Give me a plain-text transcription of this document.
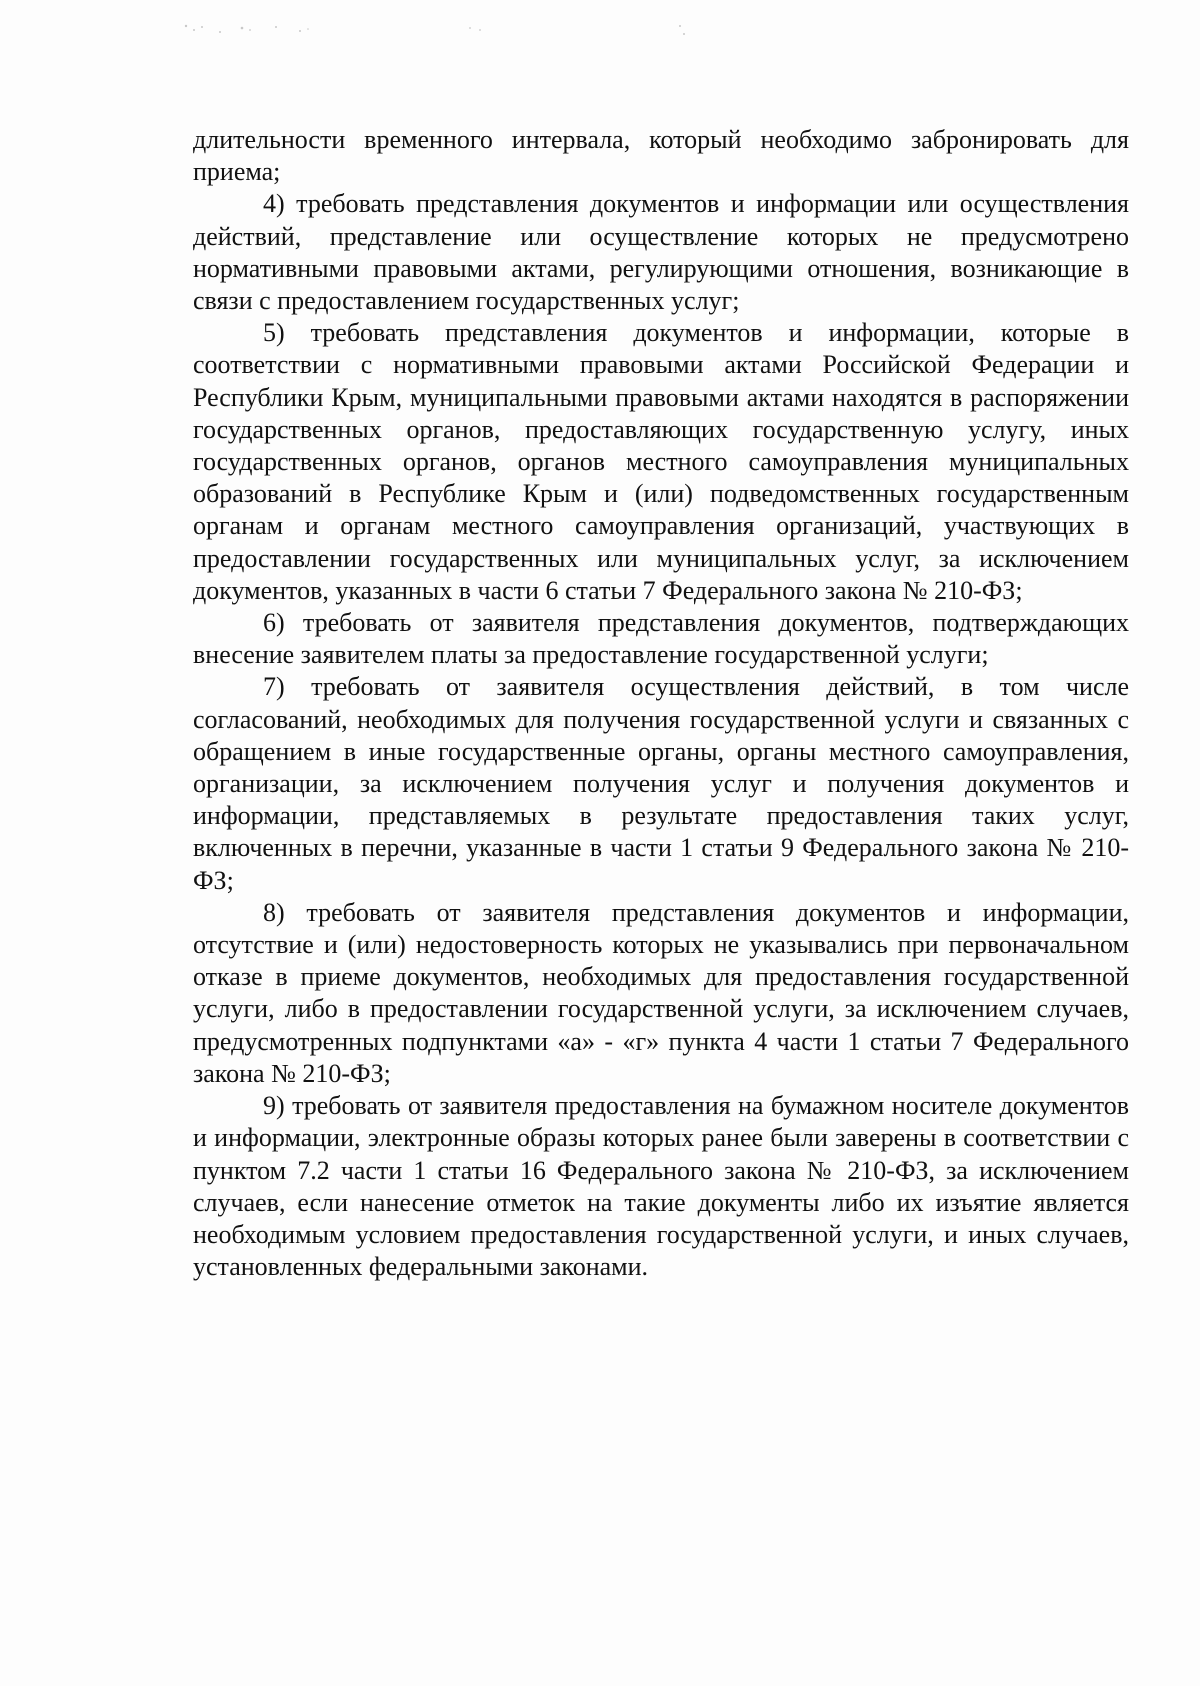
длительности временного интервала, который необходимо забронировать для приема;

4) требовать представления документов и информации или осуществления действий, представление или осуществление которых не предусмотрено нормативными правовыми актами, регулирующими отношения, возникающие в связи с предоставлением государственных услуг;

5) требовать представления документов и информации, которые в соответствии с нормативными правовыми актами Российской Федерации и Республики Крым, муниципальными правовыми актами находятся в распоряжении государственных органов, предоставляющих государственную услугу, иных государственных органов, органов местного самоуправления муниципальных образований в Республике Крым и (или) подведомственных государственным органам и органам местного самоуправления организаций, участвующих в предоставлении государственных или муниципальных услуг, за исключением документов, указанных в части 6 статьи 7 Федерального закона № 210-ФЗ;

6) требовать от заявителя представления документов, подтверждающих внесение заявителем платы за предоставление государственной услуги;

7) требовать от заявителя осуществления действий, в том числе согласований, необходимых для получения государственной услуги и связанных с обращением в иные государственные органы, органы местного самоуправления, организации, за исключением получения услуг и получения документов и информации, представляемых в результате предоставления таких услуг, включенных в перечни, указанные в части 1 статьи 9 Федерального закона № 210-ФЗ;

8) требовать от заявителя представления документов и информации, отсутствие и (или) недостоверность которых не указывались при первоначальном отказе в приеме документов, необходимых для предоставления государственной услуги, либо в предоставлении государственной услуги, за исключением случаев, предусмотренных подпунктами «а» - «г» пункта 4 части 1 статьи 7 Федерального закона № 210-ФЗ;

9) требовать от заявителя предоставления на бумажном носителе документов и информации, электронные образы которых ранее были заверены в соответствии с пунктом 7.2 части 1 статьи 16 Федерального закона № 210-ФЗ, за исключением случаев, если нанесение отметок на такие документы либо их изъятие является необходимым условием предоставления государственной услуги, и иных случаев, установленных федеральными законами.
